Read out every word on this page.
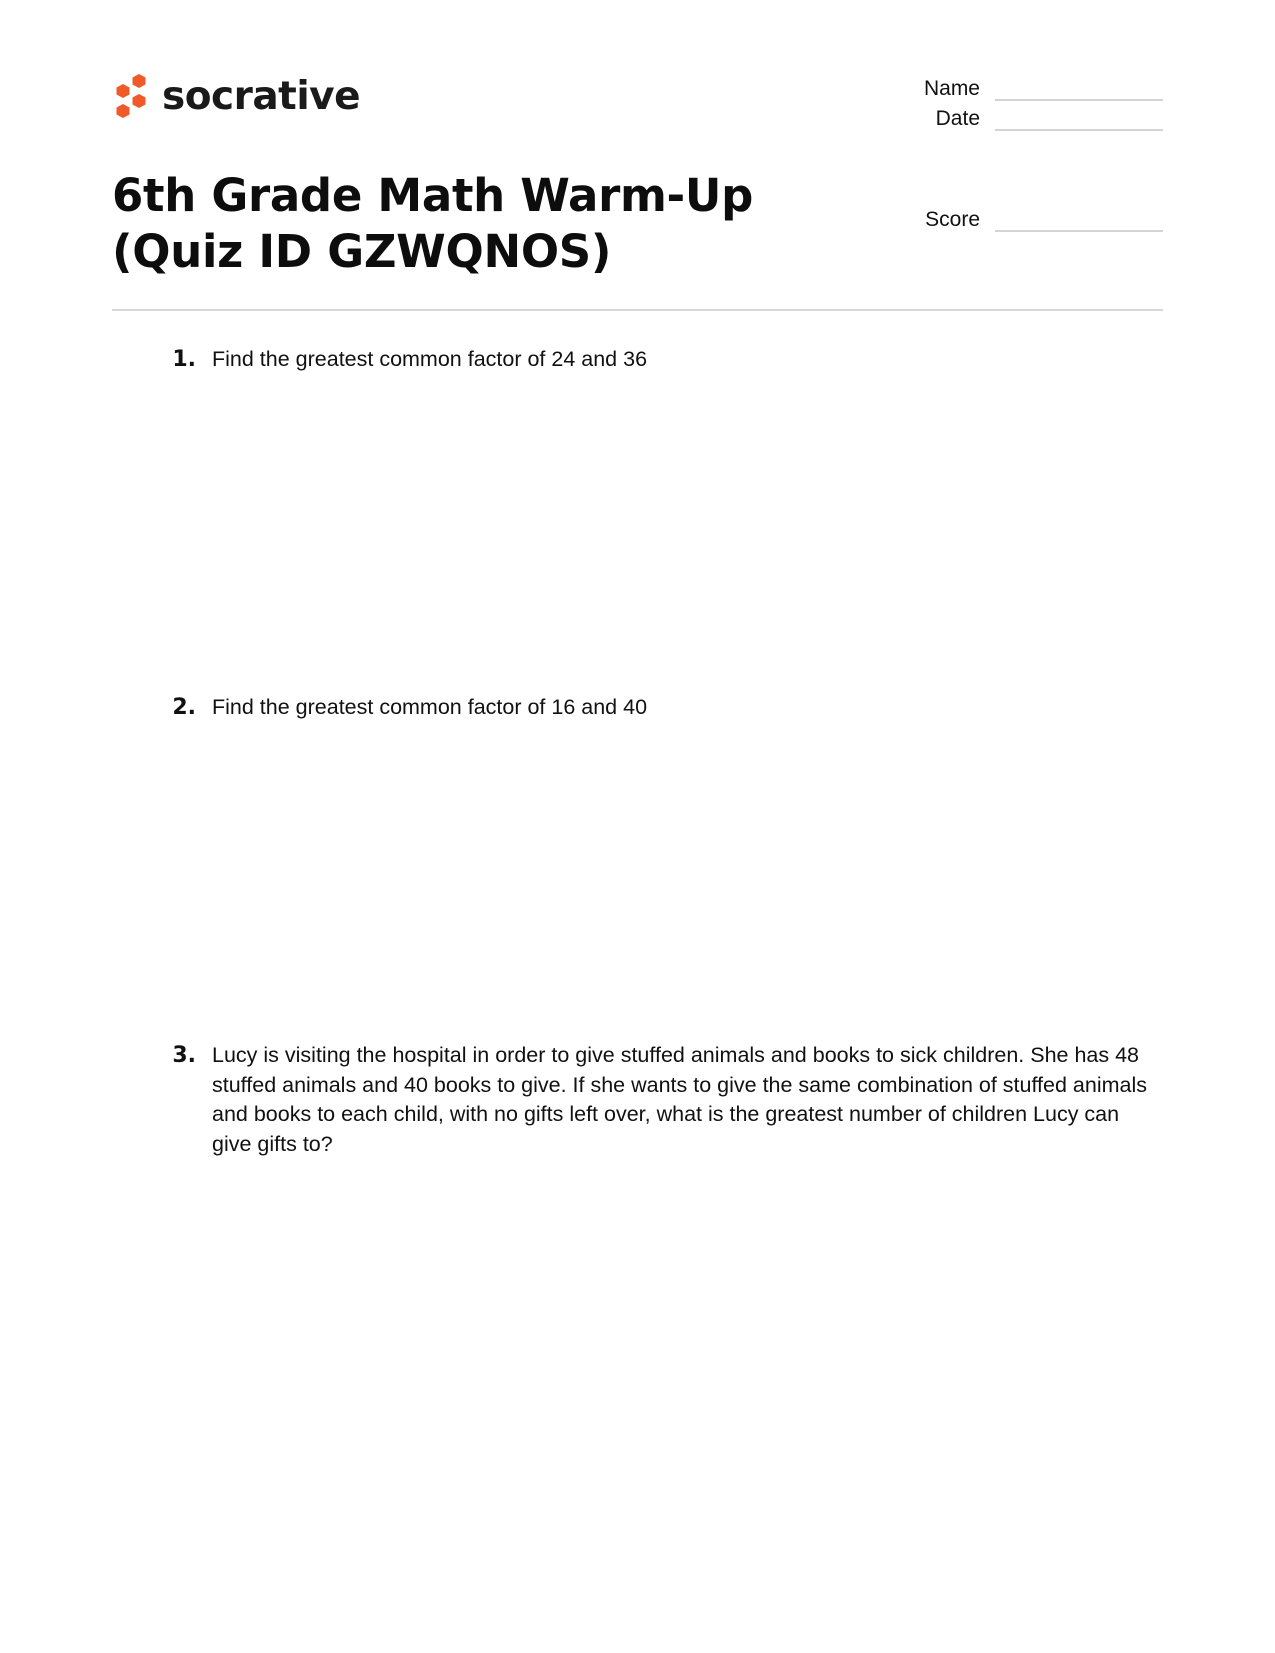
socrative
6th Grade Math Warm-Up (Quiz ID GZWQNOS)
Name
Date
Score
1. Find the greatest common factor of 24 and 36
2. Find the greatest common factor of 16 and 40
3. Lucy is visiting the hospital in order to give stuffed animals and books to sick children. She has 48 stuffed animals and 40 books to give. If she wants to give the same combination of stuffed animals and books to each child, with no gifts left over, what is the greatest number of children Lucy can give gifts to?
